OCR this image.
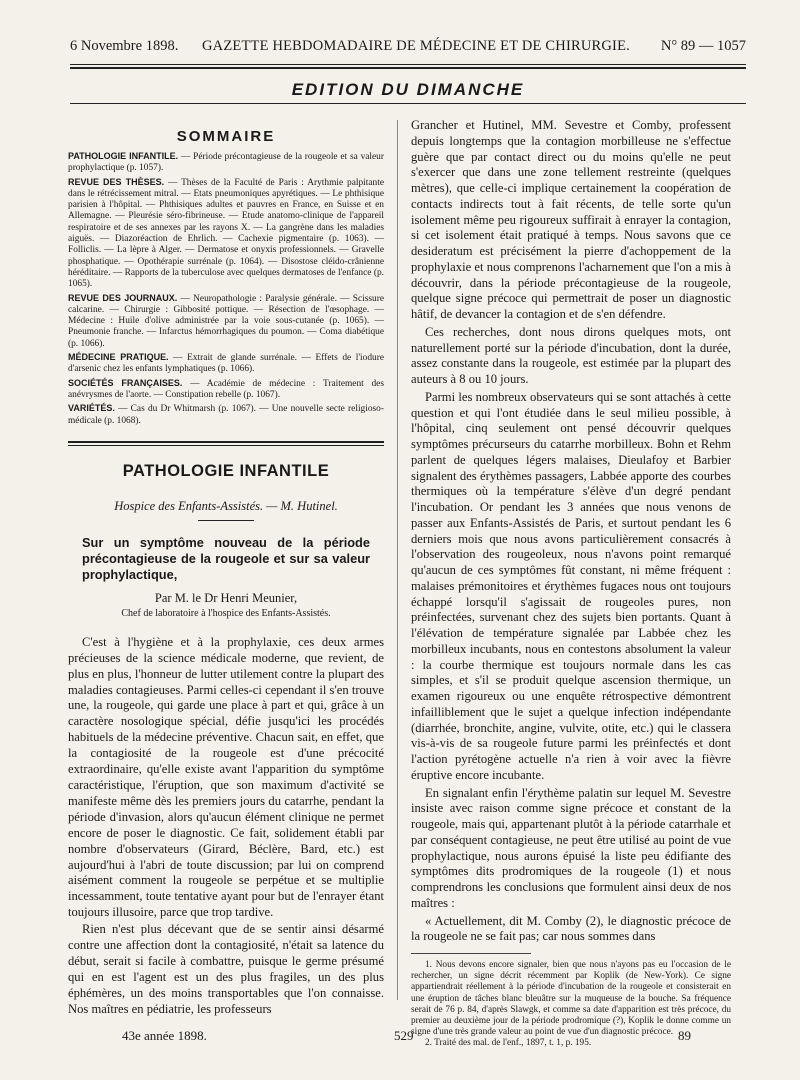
6 Novembre 1898. GAZETTE HEBDOMADAIRE DE MÉDECINE ET DE CHIRURGIE. N° 89 — 1057
EDITION DU DIMANCHE
SOMMAIRE

PATHOLOGIE INFANTILE. — Période précontagieuse de la rougeole et sa valeur prophylactique (p. 1057).

REVUE DES THÈSES. — Thèses de la Faculté de Paris : Arythmie palpitante dans le rétrécissement mitral. — Etats pneumoniques apyrétiques. — Le phthisique parisien à l'hôpital. — Phthisiques adultes et pauvres en France, en Suisse et en Allemagne. — Pleurésie séro-fibrineuse. — Etude anatomo-clinique de l'appareil respiratoire et de ses annexes par les rayons X. — La gangrène dans les maladies aiguës. — Diazoréaction de Ehrlich. — Cachexie pigmentaire (p. 1063). — Folliclis. — La lèpre à Alger. — Dermatose et onyxis professionnels. — Gravelle phosphatique. — Opothérapie surrénale (p. 1064). — Disostose cléido-crânienne héréditaire. — Rapports de la tuberculose avec quelques dermatoses de l'enfance (p. 1065).

REVUE DES JOURNAUX. — Neuropathologie : Paralysie générale. — Scissure calcarine. — Chirurgie : Gibbosité pottique. — Résection de l'œsophage. — Médecine : Huile d'olive administrée par la voie sous-cutanée (p. 1065). — Pneumonie franche. — Infarctus hémorrhagiques du poumon. — Coma diabétique (p. 1066).

MÉDECINE PRATIQUE. — Extrait de glande surrénale. — Effets de l'iodure d'arsenic chez les enfants lymphatiques (p. 1066).

SOCIÉTÉS FRANÇAISES. — Académie de médecine : Traitement des anévrysmes de l'aorte. — Constipation rebelle (p. 1067).

VARIÉTÉS. — Cas du Dr Whitmarsh (p. 1067). — Une nouvelle secte religioso-médicale (p. 1068).

PATHOLOGIE INFANTILE
Hospice des Enfants-Assistés. — M. Hutinel.
Sur un symptôme nouveau de la période précontagieuse de la rougeole et sur sa valeur prophylactique,
Par M. le Dr Henri Meunier,
Chef de laboratoire à l'hospice des Enfants-Assistés.

C'est à l'hygiène et à la prophylaxie, ces deux armes précieuses de la science médicale moderne, que revient, de plus en plus, l'honneur de lutter utilement contre la plupart des maladies contagieuses. Parmi celles-ci cependant il s'en trouve une, la rougeole, qui garde une place à part et qui, grâce à un caractère nosologique spécial, défie jusqu'ici les procédés habituels de la médecine préventive. Chacun sait, en effet, que la contagiosité de la rougeole est d'une précocité extraordinaire, qu'elle existe avant l'apparition du symptôme caractéristique, l'éruption, que son maximum d'activité se manifeste même dès les premiers jours du catarrhe, pendant la période d'invasion, alors qu'aucun élément clinique ne permet encore de poser le diagnostic. Ce fait, solidement établi par nombre d'observateurs (Girard, Béclère, Bard, etc.) est aujourd'hui à l'abri de toute discussion; par lui on comprend aisément comment la rougeole se perpétue et se multiplie incessamment, toute tentative ayant pour but de l'enrayer étant toujours illusoire, parce que trop tardive.

Rien n'est plus décevant que de se sentir ainsi désarmé contre une affection dont la contagiosité, n'était sa latence du début, serait si facile à combattre, puisque le germe présumé qui en est l'agent est un des plus fragiles, un des plus éphémères, un des moins transportables que l'on connaisse. Nos maîtres en pédiatrie, les professeurs

Grancher et Hutinel, MM. Sevestre et Comby, professent depuis longtemps que la contagion morbilleuse ne s'effectue guère que par contact direct ou du moins qu'elle ne peut s'exercer que dans une zone tellement restreinte (quelques mètres), que celle-ci implique certainement la coopération de contacts indirects tout à fait récents, de telle sorte qu'un isolement même peu rigoureux suffirait à enrayer la contagion, si cet isolement était pratiqué à temps. Nous savons que ce desideratum est précisément la pierre d'achoppement de la prophylaxie et nous comprenons l'acharnement que l'on a mis à découvrir, dans la période précontagieuse de la rougeole, quelque signe précoce qui permettrait de poser un diagnostic hâtif, de devancer la contagion et de s'en défendre.

Ces recherches, dont nous dirons quelques mots, ont naturellement porté sur la période d'incubation, dont la durée, assez constante dans la rougeole, est estimée par la plupart des auteurs à 8 ou 10 jours.

Parmi les nombreux observateurs qui se sont attachés à cette question et qui l'ont étudiée dans le seul milieu possible, à l'hôpital, cinq seulement ont pensé découvrir quelques symptômes précurseurs du catarrhe morbilleux. Bohn et Rehm parlent de quelques légers malaises, Dieulafoy et Barbier signalent des érythèmes passagers, Labbée apporte des courbes thermiques où la température s'élève d'un degré pendant l'incubation. Or pendant les 3 années que nous venons de passer aux Enfants-Assistés de Paris, et surtout pendant les 6 derniers mois que nous avons particulièrement consacrés à l'observation des rougeoleux, nous n'avons point remarqué qu'aucun de ces symptômes fût constant, ni même fréquent : malaises prémonitoires et érythèmes fugaces nous ont toujours échappé lorsqu'il s'agissait de rougeoles pures, non préinfectées, survenant chez des sujets bien portants. Quant à l'élévation de température signalée par Labbée chez les morbilleux incubants, nous en contestons absolument la valeur : la courbe thermique est toujours normale dans les cas simples, et s'il se produit quelque ascension thermique, un examen rigoureux ou une enquête rétrospective démontrent infailliblement que le sujet a quelque infection indépendante (diarrhée, bronchite, angine, vulvite, otite, etc.) qui le classera vis-à-vis de sa rougeole future parmi les préinfectés et dont l'action pyrétogène actuelle n'a rien à voir avec la fièvre éruptive encore incubante.

En signalant enfin l'érythème palatin sur lequel M. Sevestre insiste avec raison comme signe précoce et constant de la rougeole, mais qui, appartenant plutôt à la période catarrhale et par conséquent contagieuse, ne peut être utilisé au point de vue prophylactique, nous aurons épuisé la liste peu édifiante des symptômes dits prodromiques de la rougeole (1) et nous comprendrons les conclusions que formulent ainsi deux de nos maîtres :

« Actuellement, dit M. Comby (2), le diagnostic précoce de la rougeole ne se fait pas; car nous sommes dans

1. Nous devons encore signaler, bien que nous n'ayons pas eu l'occasion de le rechercher, un signe décrit récemment par Koplik (de New-York). Ce signe appartiendrait réellement à la période d'incubation de la rougeole et consisterait en une éruption de tâches blanc bleuâtre sur la muqueuse de la bouche. Sa fréquence serait de 76 p. 84, d'après Slawgk, et comme sa date d'apparition est très précoce, du premier au deuxième jour de la période prodromique (?), Koplik le donne comme un signe d'une très grande valeur au point de vue d'un diagnostic précoce.

2. Traité des mal. de l'enf., 1897, t. 1, p. 195.

43e année 1898.	529	89
